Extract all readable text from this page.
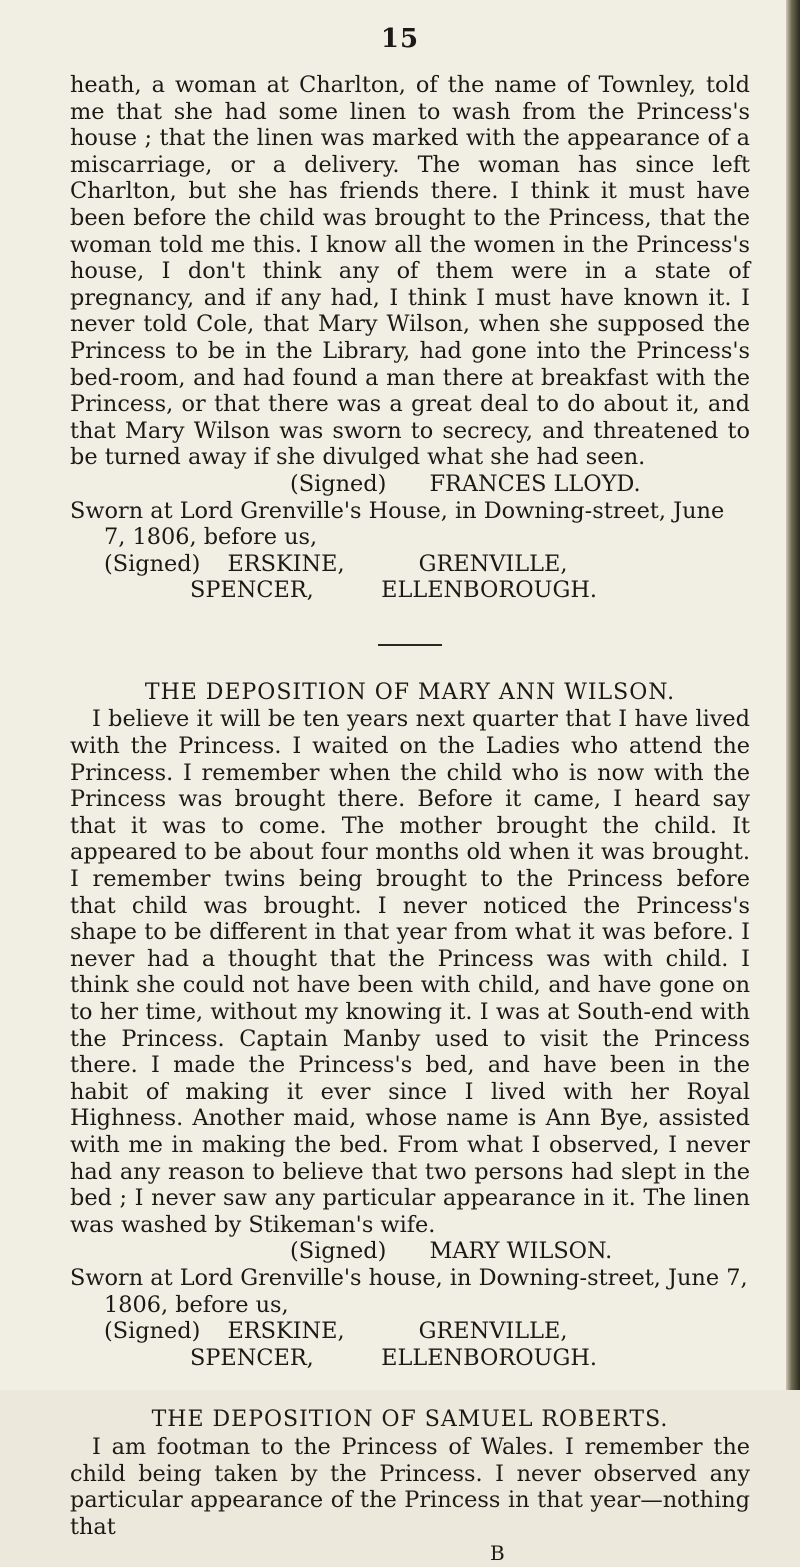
15

heath, a woman at Charlton, of the name of Townley, told me that she had some linen to wash from the Princess's house ; that the linen was marked with the appearance of a miscarriage, or a delivery. The woman has since left Charlton, but she has friends there. I think it must have been before the child was brought to the Princess, that the woman told me this. I know all the women in the Princess's house, I don't think any of them were in a state of pregnancy, and if any had, I think I must have known it. I never told Cole, that Mary Wilson, when she supposed the Princess to be in the Library, had gone into the Princess's bed-room, and had found a man there at breakfast with the Princess, or that there was a great deal to do about it, and that Mary Wilson was sworn to secrecy, and threatened to be turned away if she divulged what she had seen.

(Signed) FRANCES LLOYD.

Sworn at Lord Grenville's House, in Downing-street, June 7, 1806, before us,

(Signed) ERSKINE,	GRENVILLE,

SPENCER,	ELLENBOROUGH.

THE DEPOSITION OF MARY ANN WILSON.

I believe it will be ten years next quarter that I have lived with the Princess. I waited on the Ladies who attend the Princess. I remember when the child who is now with the Princess was brought there. Before it came, I heard say that it was to come. The mother brought the child. It appeared to be about four months old when it was brought. I remember twins being brought to the Princess before that child was brought. I never noticed the Princess's shape to be different in that year from what it was before. I never had a thought that the Princess was with child. I think she could not have been with child, and have gone on to her time, without my knowing it. I was at South-end with the Princess. Captain Manby used to visit the Princess there. I made the Princess's bed, and have been in the habit of making it ever since I lived with her Royal Highness. Another maid, whose name is Ann Bye, assisted with me in making the bed. From what I observed, I never had any reason to believe that two persons had slept in the bed ; I never saw any particular appearance in it. The linen was washed by Stikeman's wife.

(Signed) MARY WILSON.

Sworn at Lord Grenville's house, in Downing-street, June 7, 1806, before us,

(Signed) ERSKINE,	GRENVILLE,

SPENCER,	ELLENBOROUGH.

THE DEPOSITION OF SAMUEL ROBERTS.

I am footman to the Princess of Wales. I remember the child being taken by the Princess. I never observed any particular appearance of the Princess in that year—nothing that

B
